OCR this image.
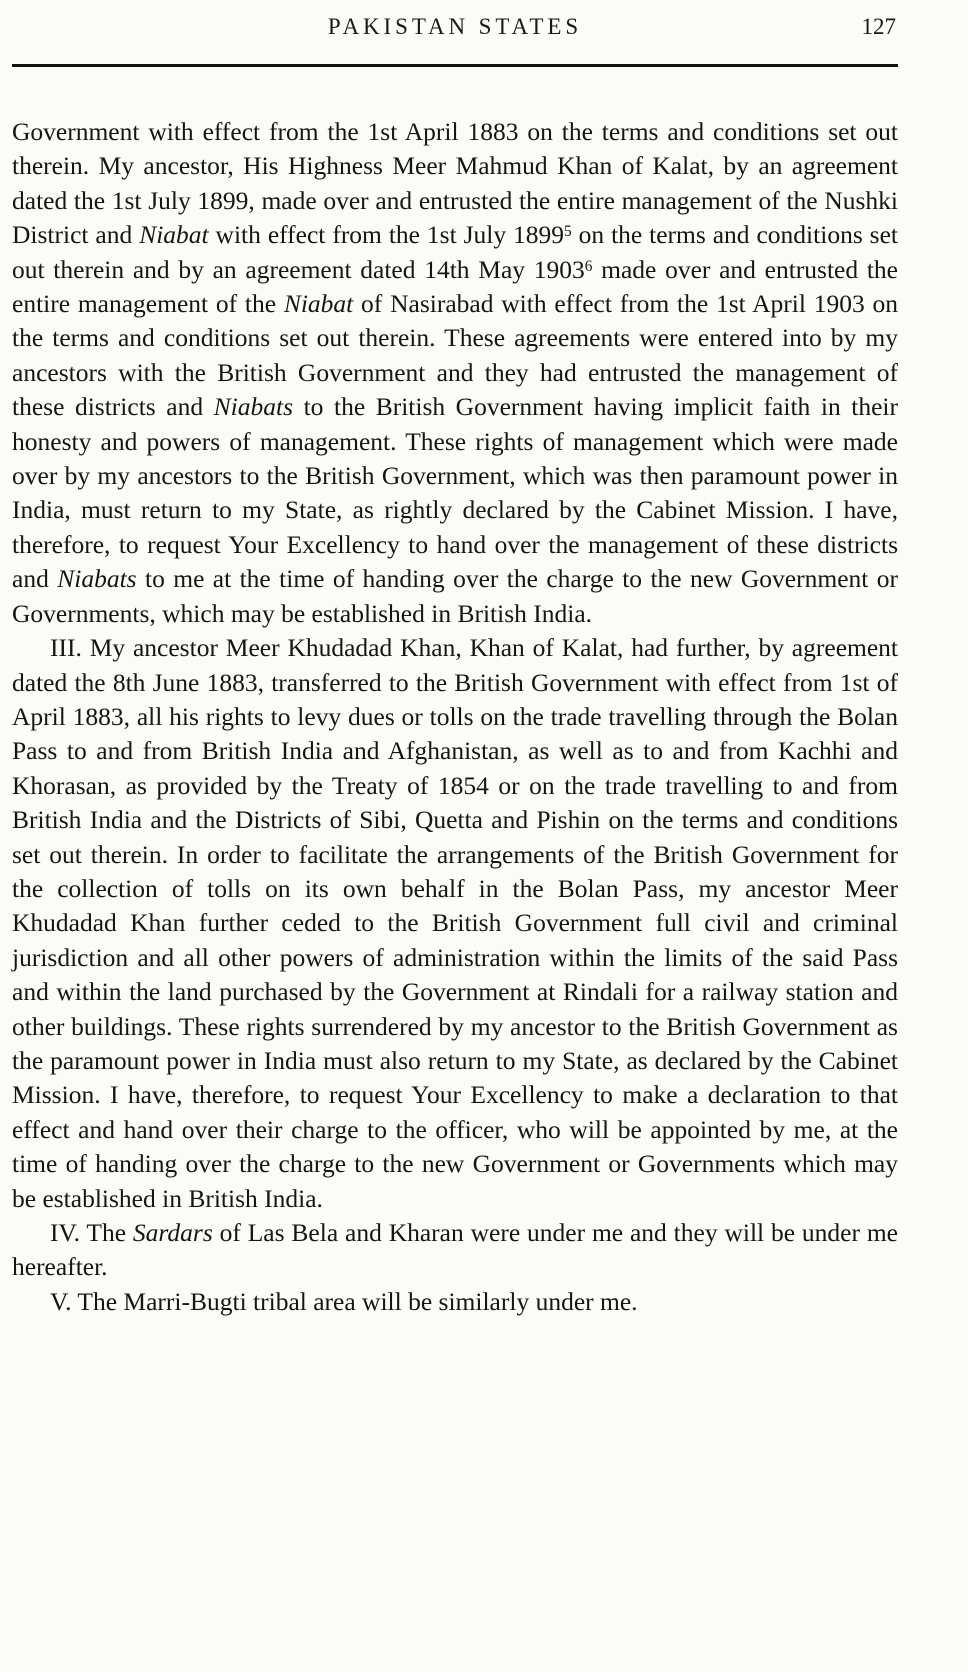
PAKISTAN STATES	127

Government with effect from the 1st April 1883 on the terms and conditions set out therein. My ancestor, His Highness Meer Mahmud Khan of Kalat, by an agreement dated the 1st July 1899, made over and entrusted the entire management of the Nushki District and Niabat with effect from the 1st July 1899$^5$ on the terms and conditions set out therein and by an agreement dated 14th May 1903$^6$ made over and entrusted the entire management of the Niabat of Nasirabad with effect from the 1st April 1903 on the terms and conditions set out therein. These agreements were entered into by my ancestors with the British Government and they had entrusted the management of these districts and Niabats to the British Government having implicit faith in their honesty and powers of management. These rights of management which were made over by my ancestors to the British Government, which was then paramount power in India, must return to my State, as rightly declared by the Cabinet Mission. I have, therefore, to request Your Excellency to hand over the management of these districts and Niabats to me at the time of handing over the charge to the new Government or Governments, which may be established in British India.

III. My ancestor Meer Khudadad Khan, Khan of Kalat, had further, by agreement dated the 8th June 1883, transferred to the British Government with effect from 1st of April 1883, all his rights to levy dues or tolls on the trade travelling through the Bolan Pass to and from British India and Afghanistan, as well as to and from Kachhi and Khorasan, as provided by the Treaty of 1854 or on the trade travelling to and from British India and the Districts of Sibi, Quetta and Pishin on the terms and conditions set out therein. In order to facilitate the arrangements of the British Government for the collection of tolls on its own behalf in the Bolan Pass, my ancestor Meer Khudadad Khan further ceded to the British Government full civil and criminal jurisdiction and all other powers of administration within the limits of the said Pass and within the land purchased by the Government at Rindali for a railway station and other buildings. These rights surrendered by my ancestor to the British Government as the paramount power in India must also return to my State, as declared by the Cabinet Mission. I have, therefore, to request Your Excellency to make a declaration to that effect and hand over their charge to the officer, who will be appointed by me, at the time of handing over the charge to the new Government or Governments which may be established in British India.

IV. The Sardars of Las Bela and Kharan were under me and they will be under me hereafter.

V. The Marri-Bugti tribal area will be similarly under me.
